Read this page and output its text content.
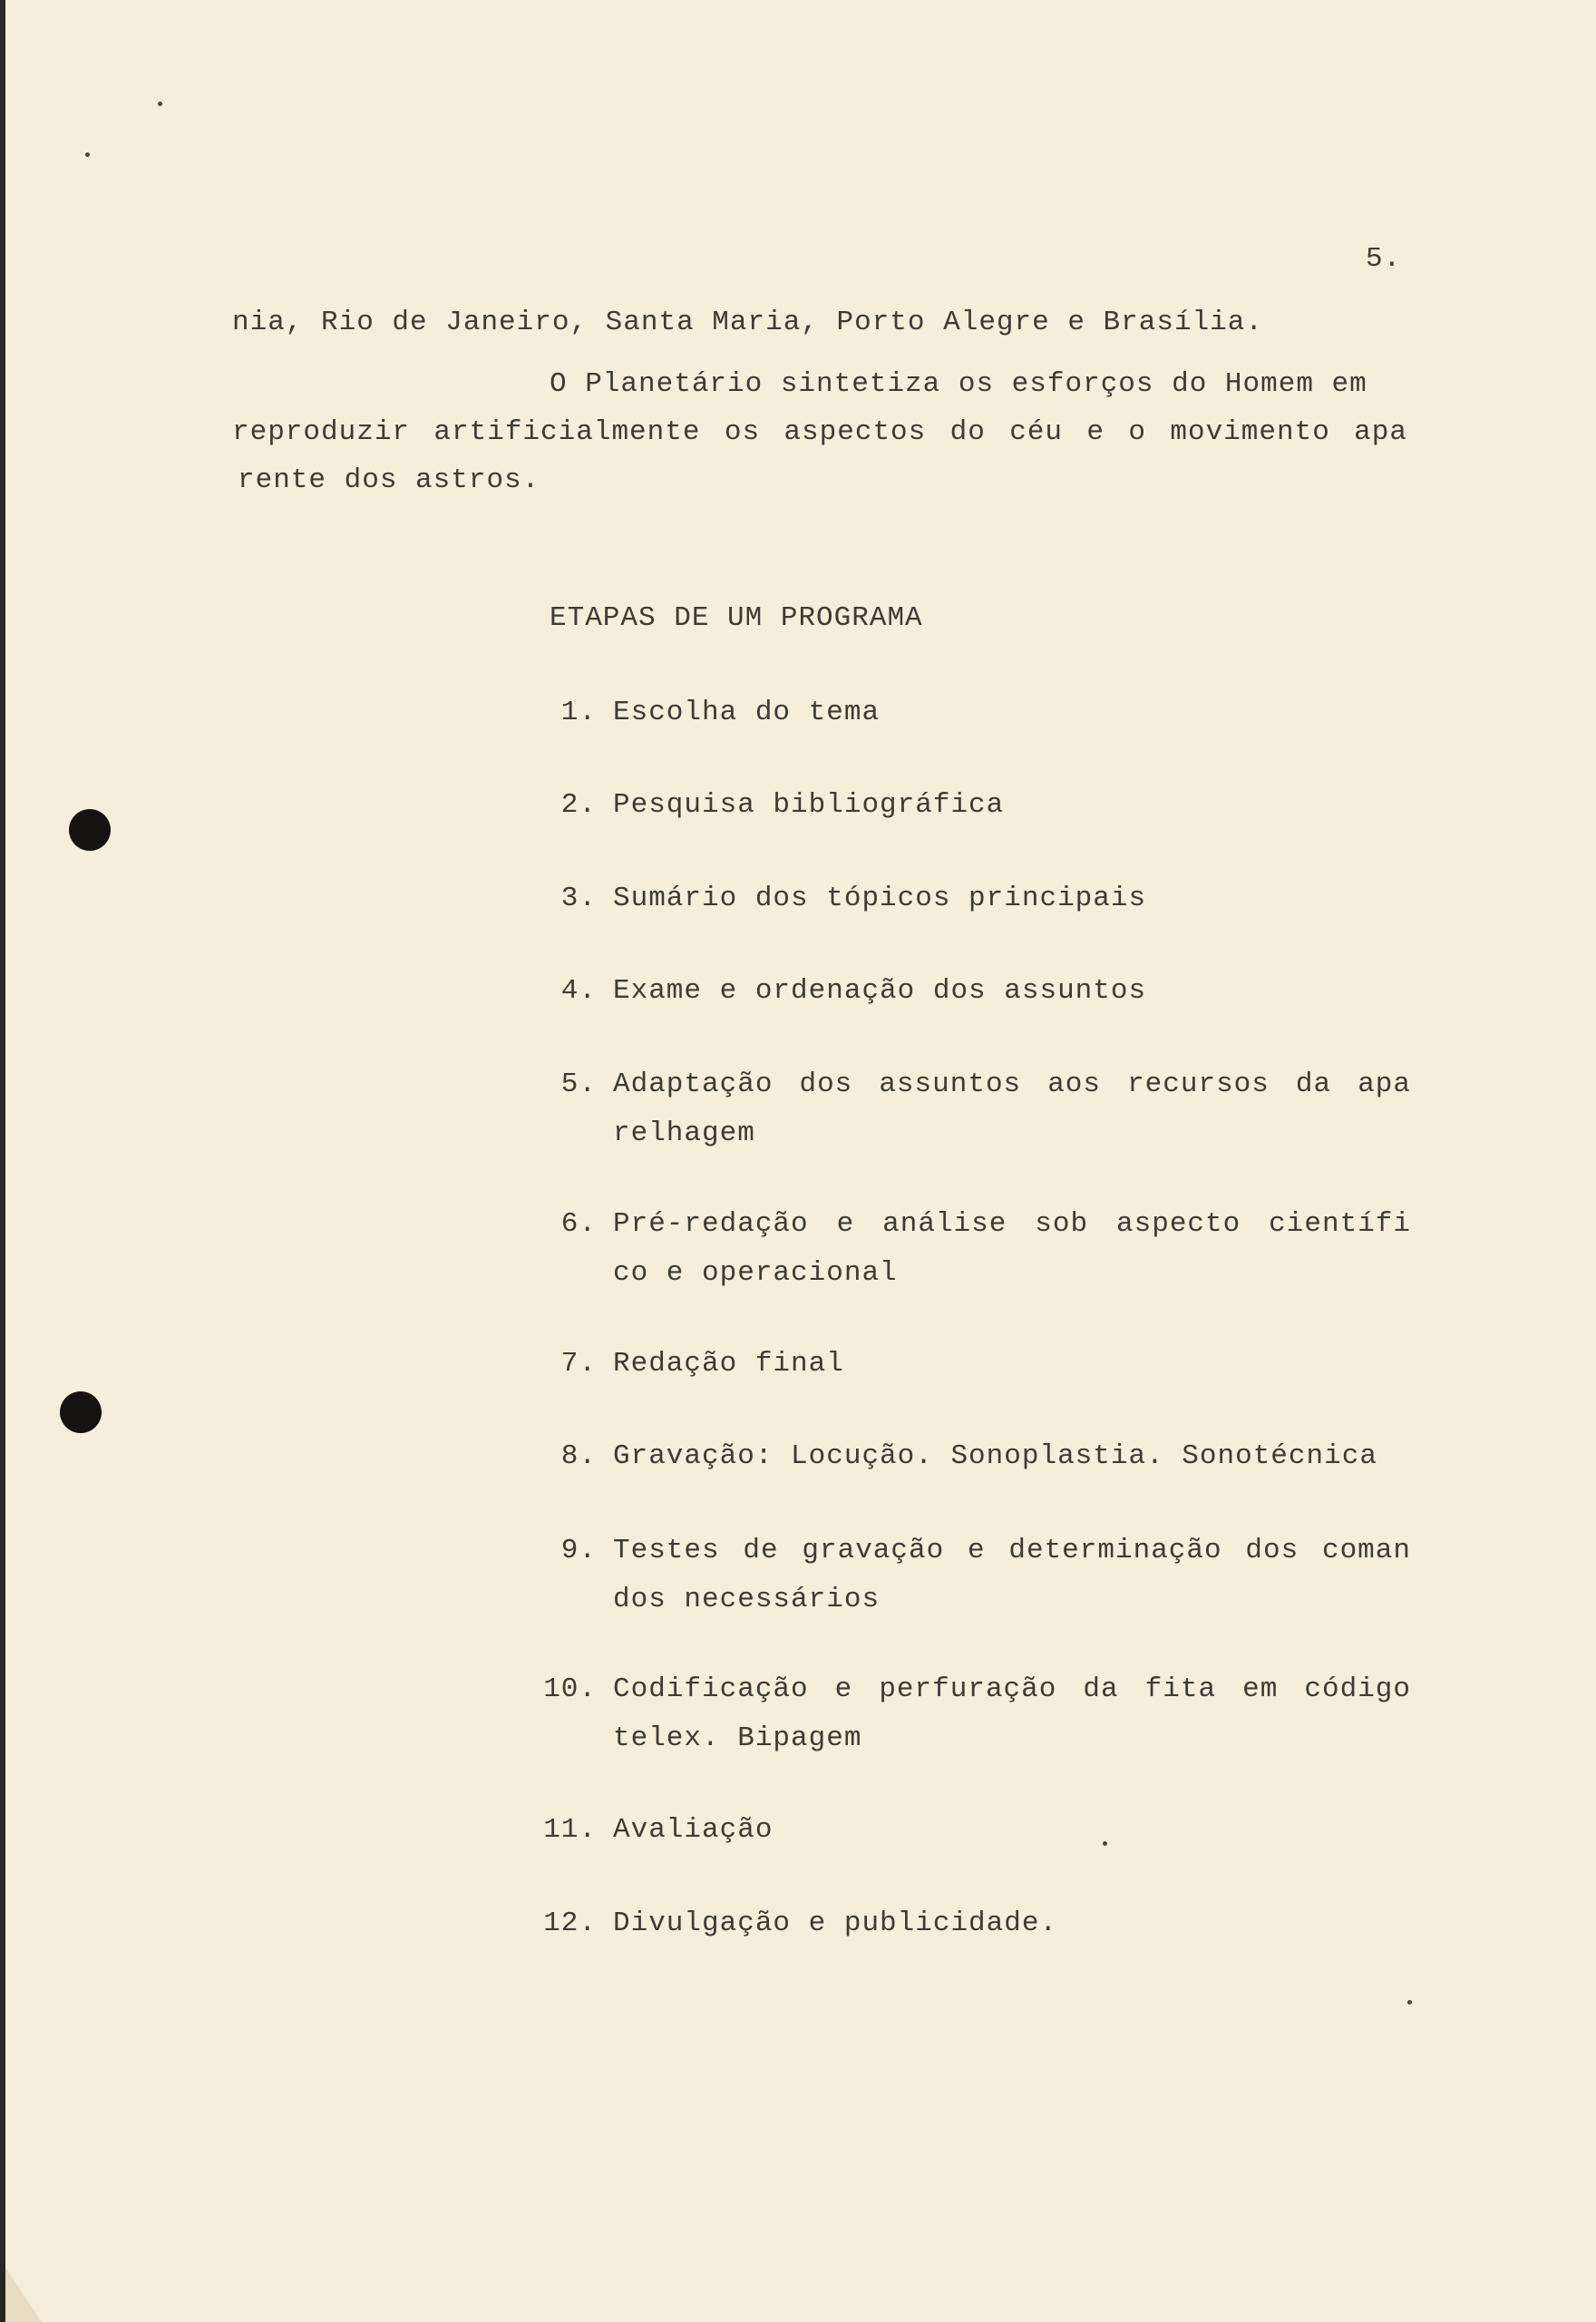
5.
nia, Rio de Janeiro, Santa Maria, Porto Alegre e Brasília.
O Planetário sintetiza os esforços do Homem em
reproduzir artificialmente os aspectos do céu e o movimento apa
rente dos astros.
ETAPAS DE UM PROGRAMA
1. Escolha do tema
2. Pesquisa bibliográfica
3. Sumário dos tópicos principais
4. Exame e ordenação dos assuntos
5. Adaptação dos assuntos aos recursos da apa
relhagem
6. Pré-redação e análise sob aspecto científi
co e operacional
7. Redação final
8. Gravação: Locução. Sonoplastia. Sonotécnica
9. Testes de gravação e determinação dos coman
dos necessários
10. Codificação e perfuração da fita em código
telex. Bipagem
11. Avaliação
12. Divulgação e publicidade.
